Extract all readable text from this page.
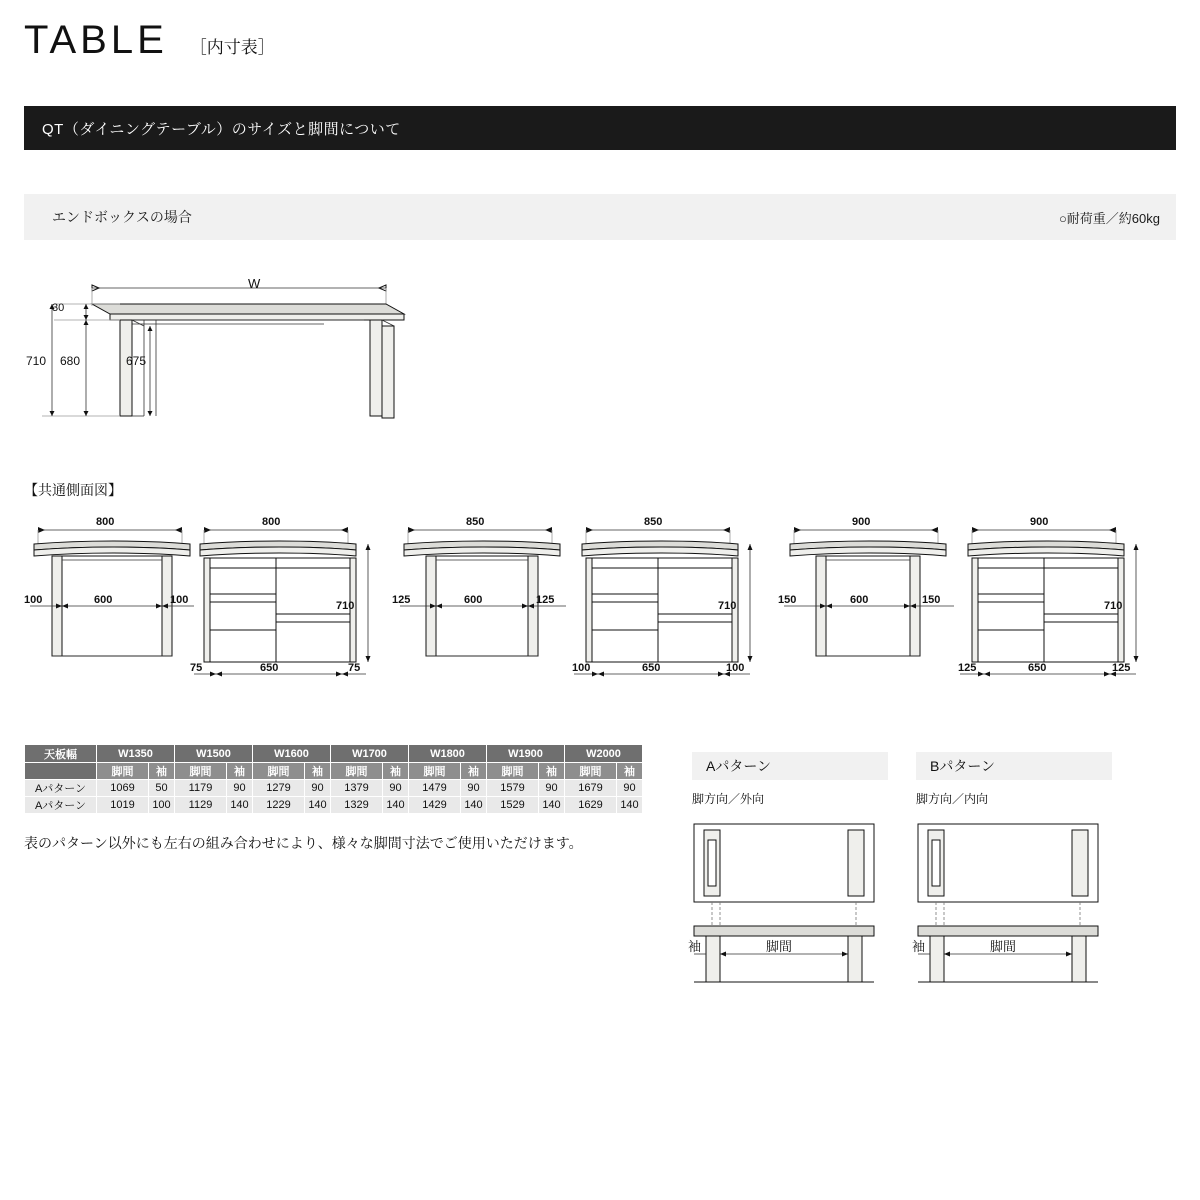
TABLE ［内寸表］
QT（ダイニングテーブル）のサイズと脚間について
エンドボックスの場合	○耐荷重／約60kg
W
30
710 680	675
【共通側面図】
800
100	600	100
800
75	650	75
710
850
125	600	125
850
100	650	100
710
900
150	600	150
900
125	650	125
710
天板幅	W1350		W1500		W1600		W1700		W1800		W1900		W2000	
	脚間	袖	脚間	袖	脚間	袖	脚間	袖	脚間	袖	脚間	袖	脚間	袖
Aパターン	1069	50	1179	90	1279	90	1379	90	1479	90	1579	90	1679	90
Aパターン	1019	100	1129	140	1229	140	1329	140	1429	140	1529	140	1629	140
表のパターン以外にも左右の組み合わせにより、様々な脚間寸法でご使用いただけます。
Aパターン
脚方向／外向
袖	脚間
Bパターン
脚方向／内向
袖	脚間
